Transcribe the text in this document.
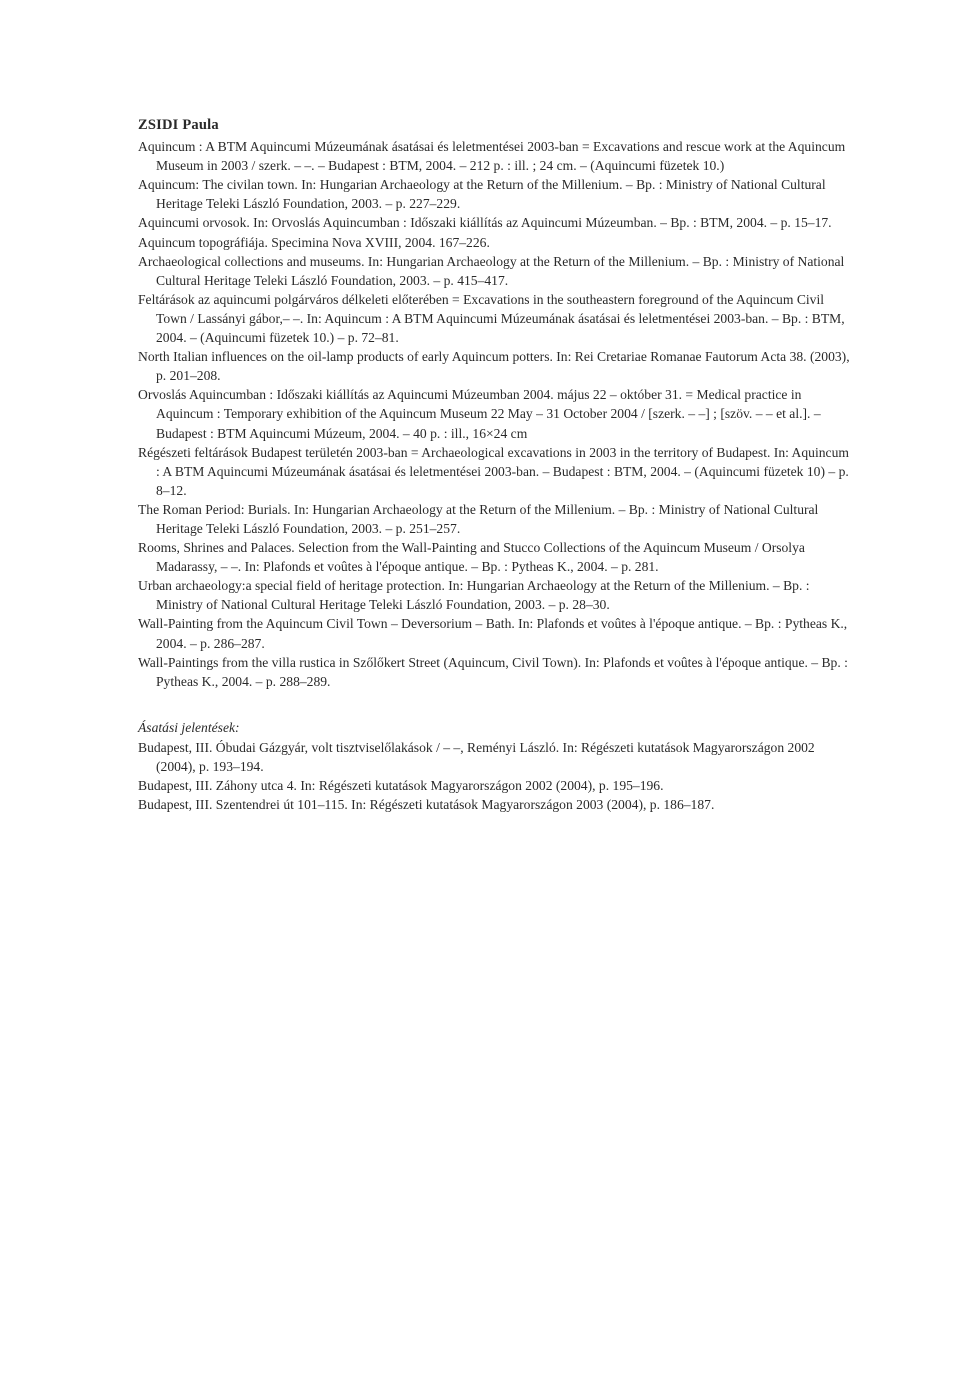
ZSIDI Paula

Aquincum : A BTM Aquincumi Múzeumának ásatásai és leletmentései 2003-ban = Excavations and rescue work at the Aquincum Museum in 2003 / szerk. – –. – Budapest : BTM, 2004. – 212 p. : ill. ; 24 cm. – (Aquincumi füzetek 10.)

Aquincum: The civilan town. In: Hungarian Archaeology at the Return of the Millenium. – Bp. : Ministry of National Cultural Heritage Teleki László Foundation, 2003. – p. 227–229.

Aquincumi orvosok. In: Orvoslás Aquincumban : Időszaki kiállítás az Aquincumi Múzeumban. – Bp. : BTM, 2004. – p. 15–17.

Aquincum topográfiája. Specimina Nova XVIII, 2004. 167–226.

Archaeological collections and museums. In: Hungarian Archaeology at the Return of the Millenium. – Bp. : Ministry of National Cultural Heritage Teleki László Foundation, 2003. – p. 415–417.

Feltárások az aquincumi polgárváros délkeleti előterében = Excavations in the southeastern foreground of the Aquincum Civil Town / Lassányi gábor,– –. In: Aquincum : A BTM Aquincumi Múzeumának ásatásai és leletmentései 2003-ban. – Bp. : BTM, 2004. – (Aquincumi füzetek 10.) – p. 72–81.

North Italian influences on the oil-lamp products of early Aquincum potters. In: Rei Cretariae Romanae Fautorum Acta 38. (2003), p. 201–208.

Orvoslás Aquincumban : Időszaki kiállítás az Aquincumi Múzeumban 2004. május 22 – október 31. = Medical practice in Aquincum : Temporary exhibition of the Aquincum Museum 22 May – 31 October 2004 / [szerk. – –] ; [szöv. – – et al.]. – Budapest : BTM Aquincumi Múzeum, 2004. – 40 p. : ill., 16×24 cm

Régészeti feltárások Budapest területén 2003-ban = Archaeological excavations in 2003 in the territory of Budapest. In: Aquincum : A BTM Aquincumi Múzeumának ásatásai és leletmentései 2003-ban. – Budapest : BTM, 2004. – (Aquincumi füzetek 10) – p. 8–12.

The Roman Period: Burials. In: Hungarian Archaeology at the Return of the Millenium. – Bp. : Ministry of National Cultural Heritage Teleki László Foundation, 2003. – p. 251–257.

Rooms, Shrines and Palaces. Selection from the Wall-Painting and Stucco Collections of the Aquincum Museum / Orsolya Madarassy, – –. In: Plafonds et voûtes à l'époque antique. – Bp. : Pytheas K., 2004. – p. 281.

Urban archaeology:a special field of heritage protection. In: Hungarian Archaeology at the Return of the Millenium. – Bp. : Ministry of National Cultural Heritage Teleki László Foundation, 2003. – p. 28–30.

Wall-Painting from the Aquincum Civil Town – Deversorium – Bath. In: Plafonds et voûtes à l'époque antique. – Bp. : Pytheas K., 2004. – p. 286–287.

Wall-Paintings from the villa rustica in Szőlőkert Street (Aquincum, Civil Town). In: Plafonds et voûtes à l'époque antique. – Bp. : Pytheas K., 2004. – p. 288–289.

Ásatási jelentések:

Budapest, III. Óbudai Gázgyár, volt tisztviselőlakások / – –, Reményi László. In: Régészeti kutatások Magyarországon 2002 (2004), p. 193–194.

Budapest, III. Záhony utca 4. In: Régészeti kutatások Magyarországon 2002 (2004), p. 195–196.

Budapest, III. Szentendrei út 101–115. In: Régészeti kutatások Magyarországon 2003 (2004), p. 186–187.
